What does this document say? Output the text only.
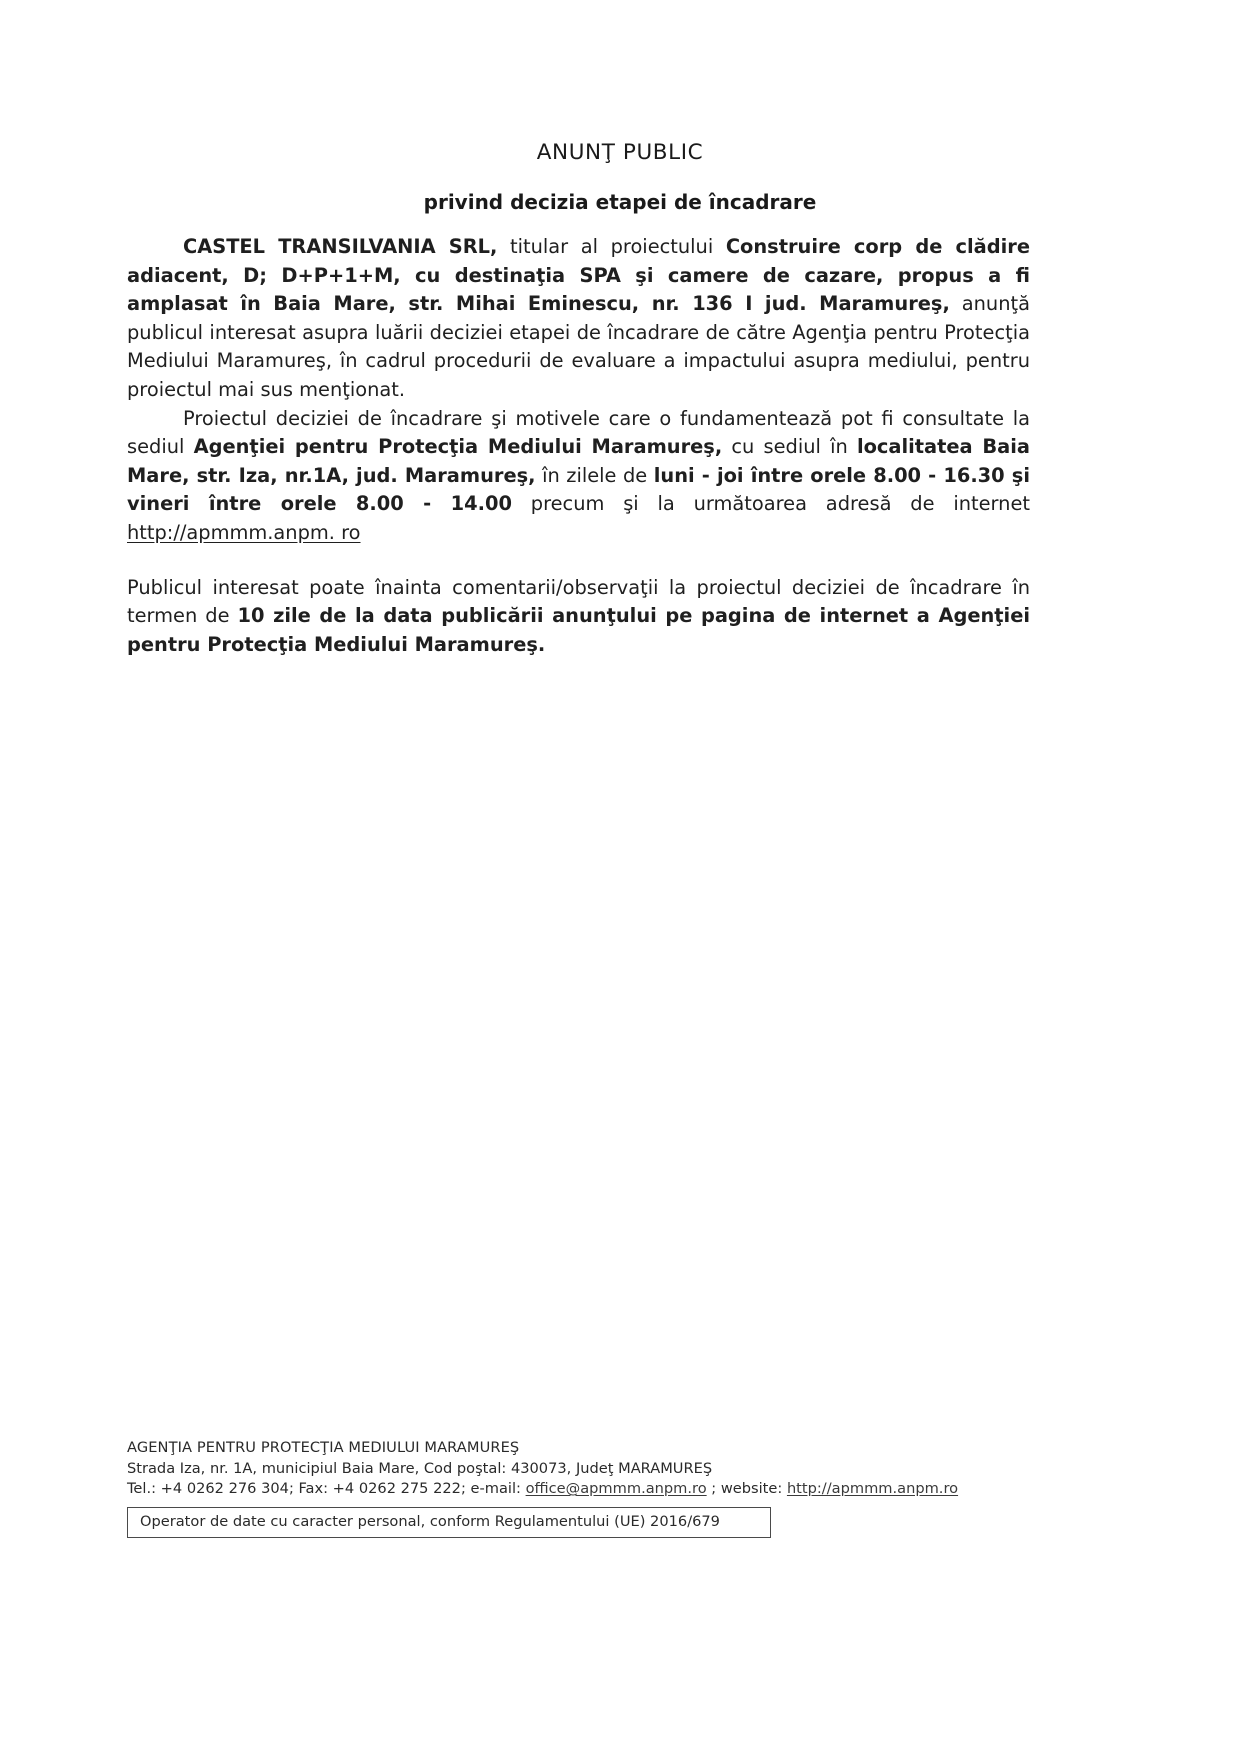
ANUNŢ PUBLIC
privind decizia etapei de încadrare

CASTEL TRANSILVANIA SRL, titular al proiectului Construire corp de clădire adiacent, D; D+P+1+M, cu destinaţia SPA şi camere de cazare, propus a fi amplasat în Baia Mare, str. Mihai Eminescu, nr. 136 I jud. Maramureş, anunţă publicul interesat asupra luării deciziei etapei de încadrare de către Agenţia pentru Protecţia Mediului Maramureş, în cadrul procedurii de evaluare a impactului asupra mediului, pentru proiectul mai sus menţionat.

Proiectul deciziei de încadrare şi motivele care o fundamentează pot fi consultate la sediul Agenţiei pentru Protecţia Mediului Maramureş, cu sediul în localitatea Baia Mare, str. Iza, nr.1A, jud. Maramureş, în zilele de luni - joi între orele 8.00 - 16.30 şi vineri între orele 8.00 - 14.00 precum şi la următoarea adresă de internet http://apmmm.anpm. ro

Publicul interesat poate înainta comentarii/observaţii la proiectul deciziei de încadrare în termen de 10 zile de la data publicării anunţului pe pagina de internet a Agenţiei pentru Protecţia Mediului Maramureş.

AGENŢIA PENTRU PROTECŢIA MEDIULUI MARAMUREŞ
Strada Iza, nr. 1A, municipiul Baia Mare, Cod poştal: 430073, Judeţ MARAMUREŞ
Tel.: +4 0262 276 304; Fax: +4 0262 275 222; e-mail: office@apmmm.anpm.ro ; website: http://apmmm.anpm.ro
Operator de date cu caracter personal, conform Regulamentului (UE) 2016/679
